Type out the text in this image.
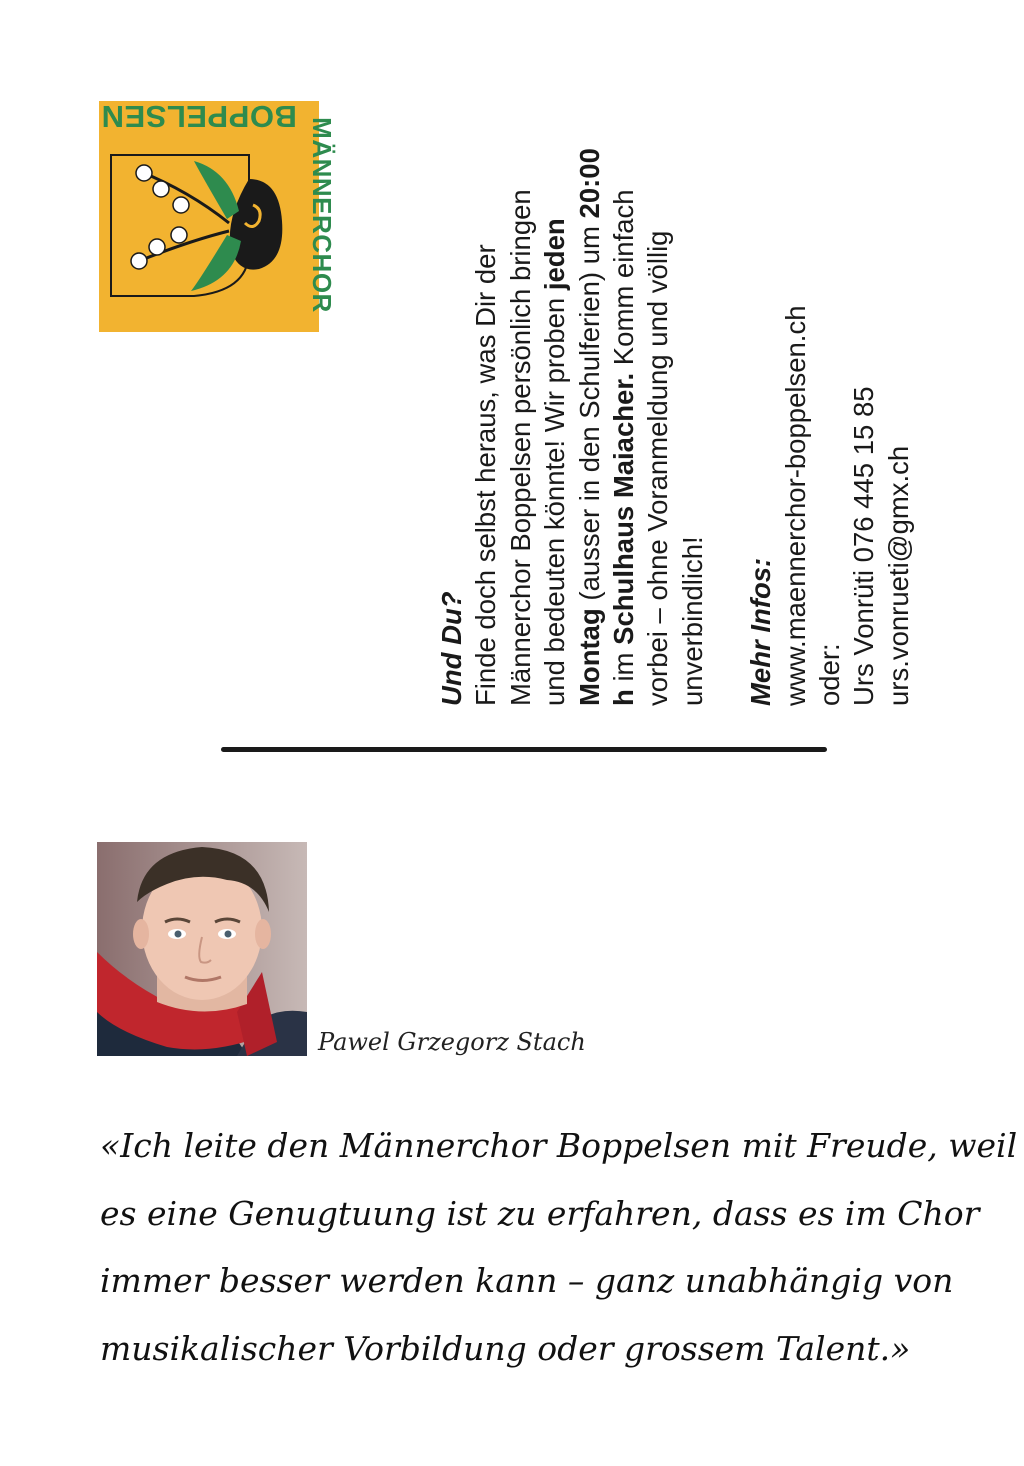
BOPPELSEN
MÄNNERCHOR

Und Du? Finde doch selbst heraus, was Dir der Männerchor Boppelsen persönlich bringen und bedeuten könnte! Wir proben jeden Montag (ausser in den Schulferien) um 20:00 h im Schulhaus Maiacher. Komm einfach vorbei – ohne Voranmeldung und völlig unverbindlich! Mehr Infos: www.maennerchor-boppelsen.ch oder: Urs Vonrüti 076 445 15 85 urs.vonrueti@gmx.ch

Pawel Grzegorz Stach
«Ich leite den Männerchor Boppelsen mit Freude, weil
es eine Genugtuung ist zu erfahren, dass es im Chor
immer besser werden kann – ganz unabhängig von
musikalischer Vorbildung oder grossem Talent.»
